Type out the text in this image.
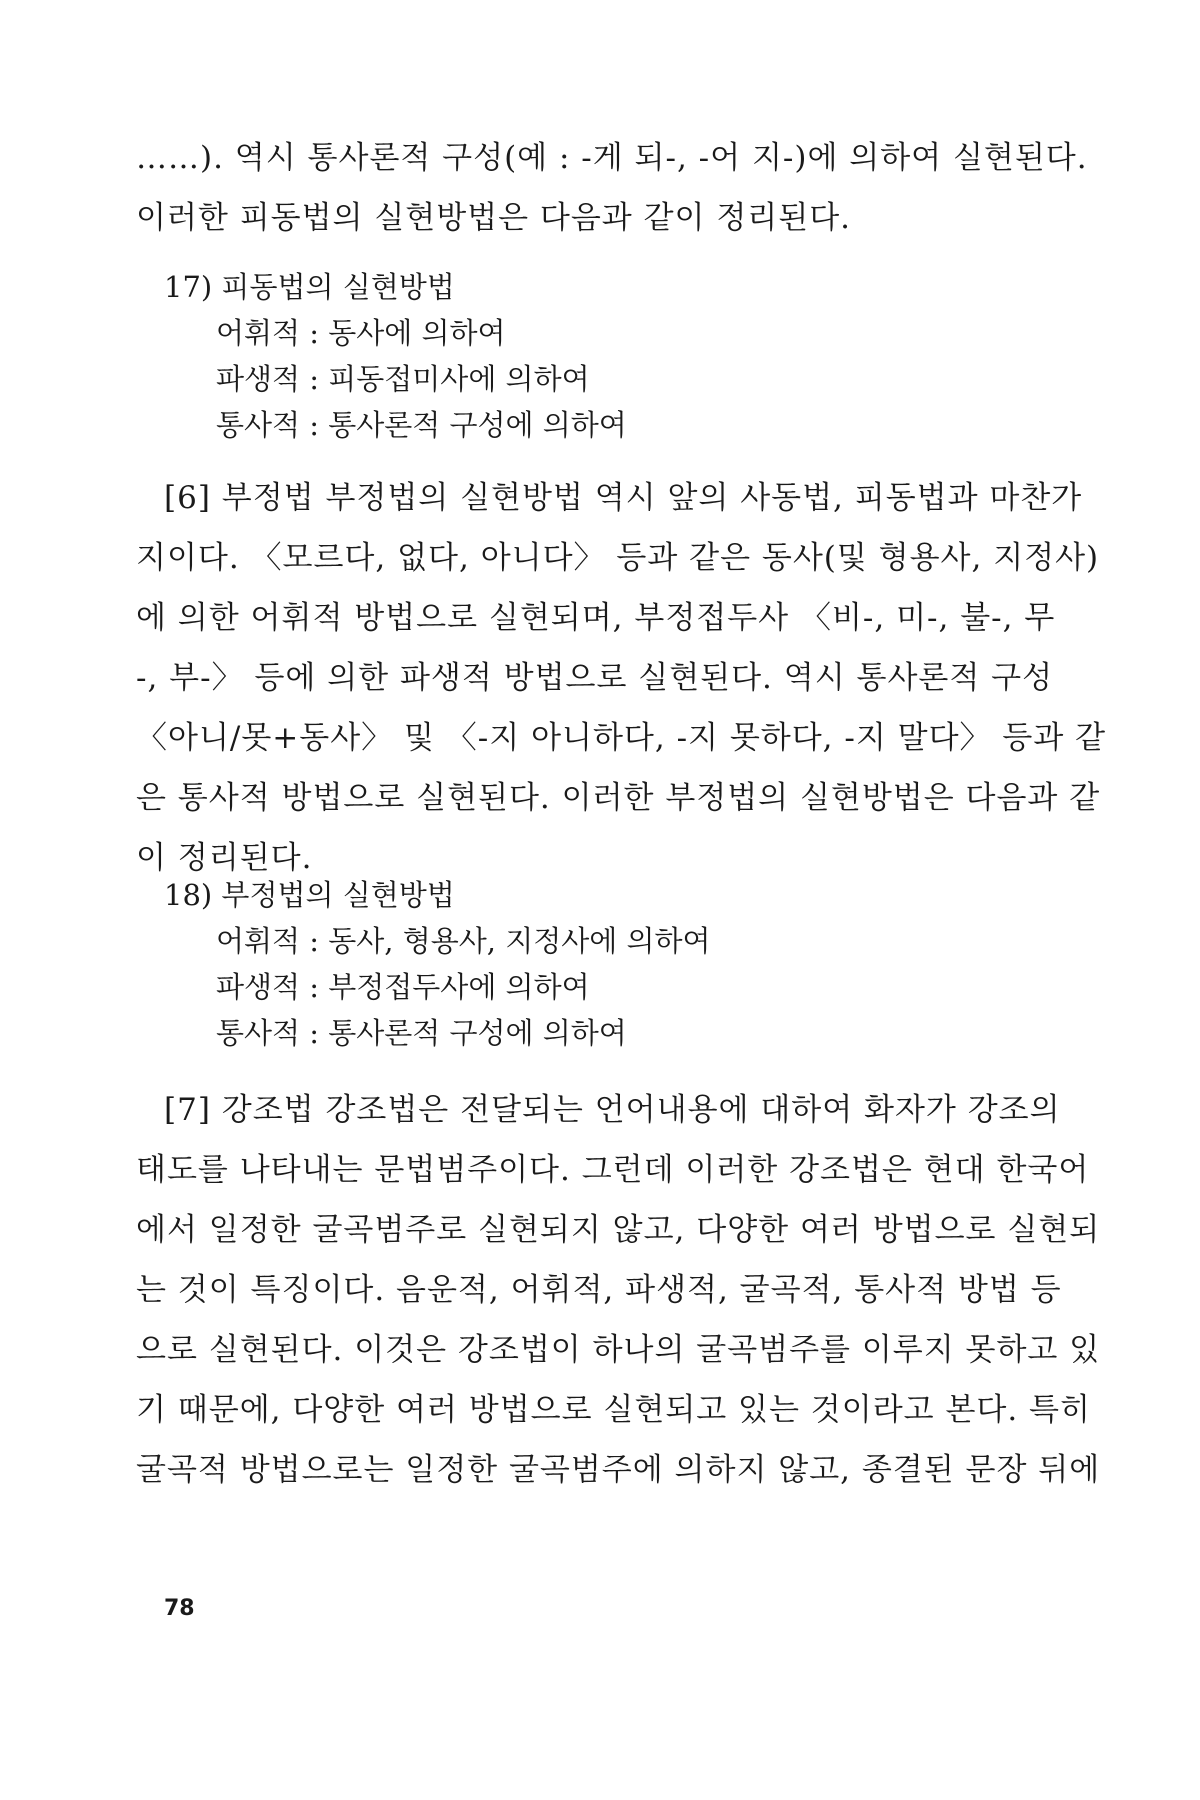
……). 역시 통사론적 구성(예 : -게 되-, -어 지-)에 의하여 실현된다.
이러한 피동법의 실현방법은 다음과 같이 정리된다.
17) 피동법의 실현방법
어휘적 : 동사에 의하여
파생적 : 피동접미사에 의하여
통사적 : 통사론적 구성에 의하여
[6] 부정법 부정법의 실현방법 역시 앞의 사동법, 피동법과 마찬가
지이다. 〈모르다, 없다, 아니다〉 등과 같은 동사(및 형용사, 지정사)
에 의한 어휘적 방법으로 실현되며, 부정접두사 〈비-, 미-, 불-, 무
-, 부-〉 등에 의한 파생적 방법으로 실현된다. 역시 통사론적 구성
〈아니/못+동사〉 및 〈-지 아니하다, -지 못하다, -지 말다〉 등과 같
은 통사적 방법으로 실현된다. 이러한 부정법의 실현방법은 다음과 같
이 정리된다.
18) 부정법의 실현방법
어휘적 : 동사, 형용사, 지정사에 의하여
파생적 : 부정접두사에 의하여
통사적 : 통사론적 구성에 의하여
[7] 강조법 강조법은 전달되는 언어내용에 대하여 화자가 강조의
태도를 나타내는 문법범주이다. 그런데 이러한 강조법은 현대 한국어
에서 일정한 굴곡범주로 실현되지 않고, 다양한 여러 방법으로 실현되
는 것이 특징이다. 음운적, 어휘적, 파생적, 굴곡적, 통사적 방법 등
으로 실현된다. 이것은 강조법이 하나의 굴곡범주를 이루지 못하고 있
기 때문에, 다양한 여러 방법으로 실현되고 있는 것이라고 본다. 특히
굴곡적 방법으로는 일정한 굴곡범주에 의하지 않고, 종결된 문장 뒤에
78
